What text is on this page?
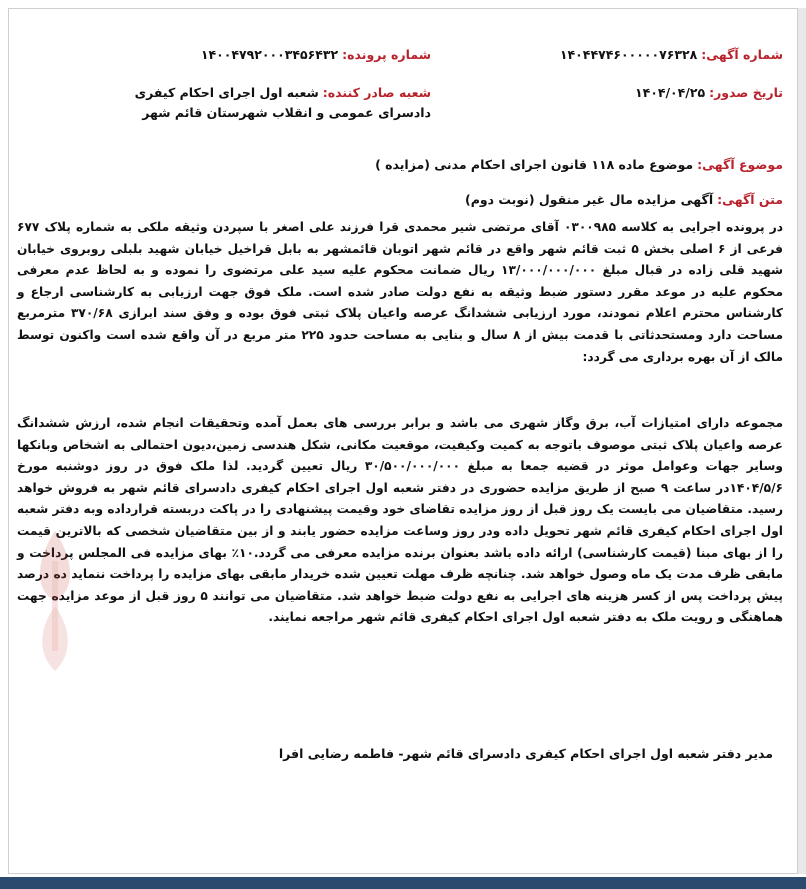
شماره آگهی: ۱۴۰۴۴۷۴۶۰۰۰۰۰۷۶۳۲۸
شماره پرونده: ۱۴۰۰۴۷۹۲۰۰۰۳۴۵۶۴۳۲
تاریخ صدور: ۱۴۰۴/۰۴/۲۵
شعبه صادر کننده: شعبه اول اجرای احکام کیفری دادسرای عمومی و انقلاب شهرستان قائم شهر
موضوع آگهی: موضوع ماده ۱۱۸ قانون اجرای احکام مدنی (مزایده )
متن آگهی: آگهی مزایده مال غیر منقول (نوبت دوم)

در پرونده اجرایی به کلاسه ۰۳۰۰۹۸۵ آقای مرتضی شیر محمدی قرا فرزند علی اصغر با سپردن وثیقه ملکی به شماره پلاک ۶۷۷ فرعی از ۶ اصلی بخش ۵ ثبت قائم شهر واقع در قائم شهر اتوبان قائمشهر به بابل قراخیل خیابان شهید بلبلی روبروی خیابان شهید قلی زاده در قبال مبلغ ۱۳/۰۰۰/۰۰۰/۰۰۰ ریال ضمانت محکوم علیه سید علی مرتضوی را نموده و به لحاظ عدم معرفی محکوم علیه در موعد مقرر دستور ضبط وثیقه به نفع دولت صادر شده است. ملک فوق جهت ارزیابی به کارشناسی ارجاع و کارشناس محترم اعلام نمودند، مورد ارزیابی ششدانگ عرصه واعیان پلاک ثبتی فوق بوده و وفق سند ابرازی ۳۷۰/۶۸ مترمربع مساحت دارد ومستحدثاتی با قدمت بیش از ۸ سال و بنایی به مساحت حدود ۲۲۵ متر مربع در آن واقع شده است واکنون توسط مالک از آن بهره برداری می گردد:

مجموعه دارای امتیازات آب، برق وگاز شهری می باشد و برابر بررسی های بعمل آمده وتحقیقات انجام شده، ارزش ششدانگ عرصه واعیان پلاک ثبتی موصوف باتوجه به کمیت وکیفیت، موقعیت مکانی، شکل هندسی زمین،دیون احتمالی به اشخاص وبانکها وسایر جهات وعوامل موثر در قضیه جمعا به مبلغ ۳۰/۵۰۰/۰۰۰/۰۰۰ ریال تعیین گردید. لذا ملک فوق در روز دوشنبه مورخ ۱۴۰۴/۵/۶در ساعت ۹ صبح از طریق مزایده حضوری در دفتر شعبه اول اجرای احکام کیفری دادسرای قائم شهر به فروش خواهد رسید. متقاضیان می بایست یک روز قبل از روز مزایده تقاضای خود وقیمت پیشنهادی را در پاکت دربسته قرارداده وبه دفتر شعبه اول اجرای احکام کیفری قائم شهر تحویل داده ودر روز وساعت مزایده حضور یابند و از بین متقاضیان شخصی که بالاترین قیمت را از بهای مبنا (قیمت کارشناسی) ارائه داده باشد بعنوان برنده مزایده معرفی می گردد.۱۰٪ بهای مزایده فی المجلس پرداخت و مابقی ظرف مدت یک ماه وصول خواهد شد. چنانچه ظرف مهلت تعیین شده خریدار مابقی بهای مزایده را پرداخت ننماید ده درصد پیش پرداخت پس از کسر هزینه های اجرایی به نفع دولت ضبط خواهد شد. متقاضیان می توانند ۵ روز قبل از موعد مزایده جهت هماهنگی و رویت ملک به دفتر شعبه اول اجرای احکام کیفری قائم شهر مراجعه نمایند.

مدیر دفتر شعبه اول اجرای احکام کیفری دادسرای قائم شهر- فاطمه رضایی افرا
